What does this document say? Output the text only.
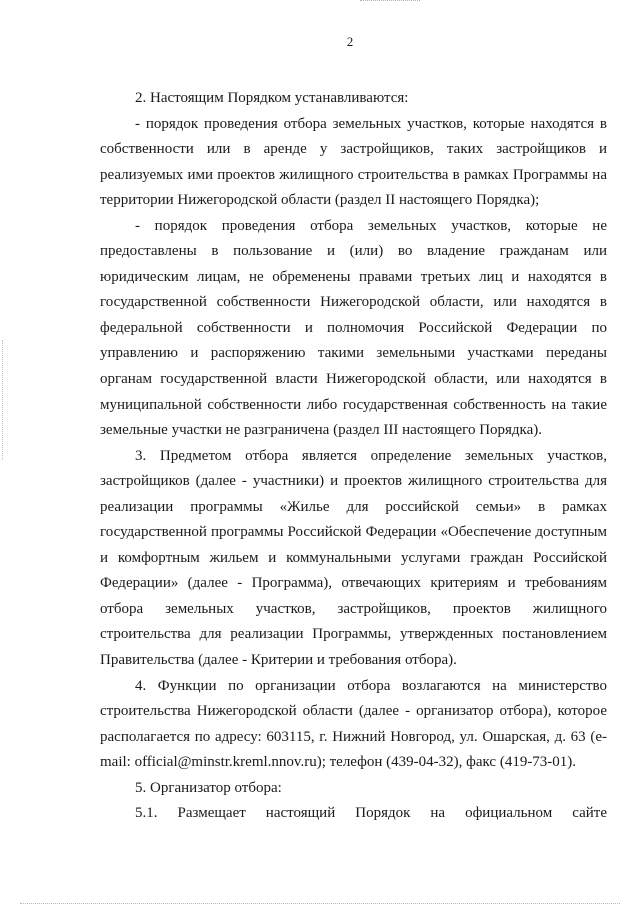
2

2. Настоящим Порядком устанавливаются:

- порядок проведения отбора земельных участков, которые находятся в собственности или в аренде у застройщиков, таких застройщиков и реализуемых ими проектов жилищного строительства в рамках Программы на территории Нижегородской области (раздел II настоящего Порядка);

- порядок проведения отбора земельных участков, которые не предоставлены в пользование и (или) во владение гражданам или юридическим лицам, не обременены правами третьих лиц и находятся в государственной собственности Нижегородской области, или находятся в федеральной собственности и полномочия Российской Федерации по управлению и распоряжению такими земельными участками переданы органам государственной власти Нижегородской области, или находятся в муниципальной собственности либо государственная собственность на такие земельные участки не разграничена (раздел III настоящего Порядка).

3. Предметом отбора является определение земельных участков, застройщиков (далее - участники) и проектов жилищного строительства для реализации программы «Жилье для российской семьи» в рамках государственной программы Российской Федерации «Обеспечение доступным и комфортным жильем и коммунальными услугами граждан Российской Федерации» (далее - Программа), отвечающих критериям и требованиям отбора земельных участков, застройщиков, проектов жилищного строительства для реализации Программы, утвержденных постановлением Правительства (далее - Критерии и требования отбора).

4. Функции по организации отбора возлагаются на министерство строительства Нижегородской области (далее - организатор отбора), которое располагается по адресу: 603115, г. Нижний Новгород, ул. Ошарская, д. 63 (e-mail: official@minstr.kreml.nnov.ru); телефон (439-04-32), факс (419-73-01).

5. Организатор отбора:

5.1. Размещает настоящий Порядок на официальном сайте
